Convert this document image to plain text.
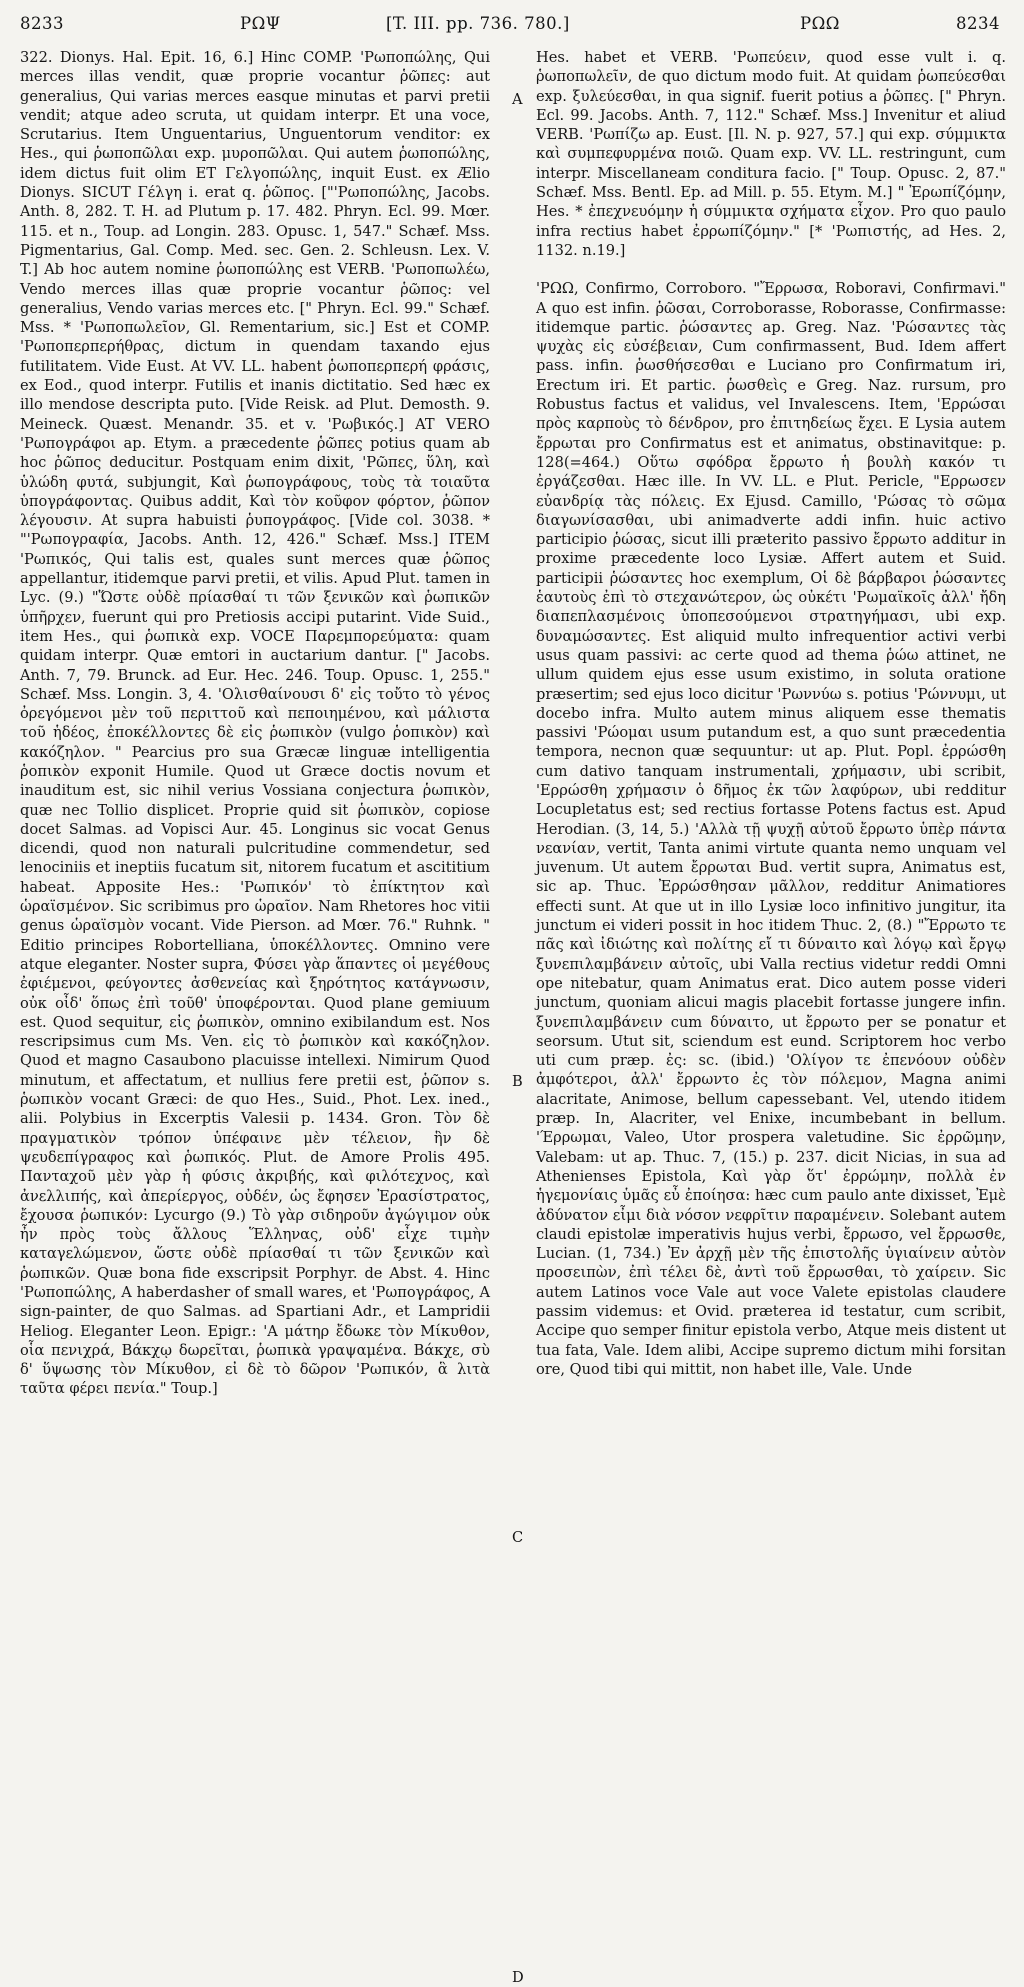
8233	ΡΩΨ	[T. III. pp. 736. 780.]	ΡΩΩ	8234

322. Dionys. Hal. Epit. 16, 6.] Hinc COMP. 'Ρωποπώλης, Qui merces illas vendit, quæ proprie vocantur ῥῶπες: aut generalius, Qui varias merces easque minutas et parvi pretii vendit; atque adeo scruta, ut quidam interpr. Et una voce, Scrutarius. Item Unguentarius, Unguentorum venditor: ex Hes., qui ῥωποπῶλαι exp. μυροπῶλαι. Qui autem ῥωποπώλης, idem dictus fuit olim ET Γελγοπώλης, inquit Eust. ex Ælio Dionys. SICUT Γέλγη i. erat q. ῥῶπος. ["'Ρωποπώλης, Jacobs. Anth. 8, 282. T. H. ad Plutum p. 17. 482. Phryn. Ecl. 99. Mœr. 115. et n., Toup. ad Longin. 283. Opusc. 1, 547." Schæf. Mss. Pigmentarius, Gal. Comp. Med. sec. Gen. 2. Schleusn. Lex. V. T.] Ab hoc autem nomine ῥωποπώλης est VERB. 'Ρωποπωλέω, Vendo merces illas quæ proprie vocantur ῥῶπος: vel generalius, Vendo varias merces etc. [" Phryn. Ecl. 99." Schæf. Mss. * 'Ρωποπωλεῖον, Gl. Rementarium, sic.] Est et COMP. 'Ρωποπερπερήθρας, dictum in quendam taxando ejus futilitatem. Vide Eust. At VV. LL. habent ῥωποπερπερή φράσις, ex Eod., quod interpr. Futilis et inanis dictitatio. Sed hæc ex illo mendose descripta puto. [Vide Reisk. ad Plut. Demosth. 9. Meineck. Quæst. Menandr. 35. et v. 'Ρωβικός.] AT VERO 'Ρωπογράφοι ap. Etym. a præcedente ῥῶπες potius quam ab hoc ῥῶπος deducitur. Postquam enim dixit, 'Ρῶπες, ὕλη, καὶ ὑλώδη φυτά, subjungit, Καὶ ῥωπογράφους, τοὺς τὰ τοιαῦτα ὑπογράφοντας. Quibus addit, Καὶ τὸν κοῦφον φόρτον, ῥῶπον λέγουσιν. At supra habuisti ῥυπογράφος. [Vide col. 3038. * "'Ρωπογραφία, Jacobs. Anth. 12, 426." Schæf. Mss.] ITEM 'Ρωπικός, Qui talis est, quales sunt merces quæ ῥῶπος appellantur, itidemque parvi pretii, et vilis. Apud Plut. tamen in Lyc. (9.) "Ὥστε οὐδὲ πρίασθαί τι τῶν ξενικῶν καὶ ῥωπικῶν ὑπῆρχεν, fuerunt qui pro Pretiosis accipi putarint. Vide Suid., item Hes., qui ῥωπικὰ exp. VOCE Παρεμπορεύματα: quam quidam interpr. Quæ emtori in auctarium dantur. [" Jacobs. Anth. 7, 79. Brunck. ad Eur. Hec. 246. Toup. Opusc. 1, 255." Schæf. Mss. Longin. 3, 4. 'Ολισθαίνουσι δ' εἰς τοὔτο τὸ γένος ὀρεγόμενοι μὲν τοῦ περιττοῦ καὶ πεποιημένου, καὶ μάλιστα τοῦ ἡδέος, ἐποκέλλοντες δὲ εἰς ῥωπικὸν (vulgo ῥοπικὸν) καὶ κακόζηλον. " Pearcius pro sua Græcæ linguæ intelligentia ῥοπικὸν exponit Humile. Quod ut Græce doctis novum et inauditum est, sic nihil verius Vossiana conjectura ῥωπικὸν, quæ nec Tollio displicet. Proprie quid sit ῥωπικὸν, copiose docet Salmas. ad Vopisci Aur. 45. Longinus sic vocat Genus dicendi, quod non naturali pulcritudine commendetur, sed lenociniis et ineptiis fucatum sit, nitorem fucatum et ascititium habeat. Apposite Hes.: 'Ρωπικόν' τὸ ἐπίκτητον καὶ ὡραϊσμένον. Sic scribimus pro ὡραῖον. Nam Rhetores hoc vitii genus ὡραϊσμὸν vocant. Vide Pierson. ad Mœr. 76." Ruhnk. " Editio principes Robortelliana, ὑποκέλλοντες. Omnino vere atque eleganter. Noster supra, Φύσει γὰρ ἅπαντες οἱ μεγέθους ἐφιέμενοι, φεύγοντες ἀσθενείας καὶ ξηρότητος κατάγνωσιν, οὐκ οἶδ' ὅπως ἐπὶ τοῦθ' ὑποφέρονται. Quod plane gemiuum est. Quod sequitur, εἰς ῥωπικὸν, omnino exibilandum est. Nos rescripsimus cum Ms. Ven. εἰς τὸ ῥωπικὸν καὶ κακόζηλον. Quod et magno Casaubono placuisse intellexi. Nimirum Quod minutum, et affectatum, et nullius fere pretii est, ῥῶπον s. ῥωπικὸν vocant Græci: de quo Hes., Suid., Phot. Lex. ined., alii. Polybius in Excerptis Valesii p. 1434. Gron. Τὸν δὲ πραγματικὸν τρόπον ὑπέφαινε μὲν τέλειον, ἣν δὲ ψευδεπίγραφος καὶ ῥωπικός. Plut. de Amore Prolis 495. Πανταχοῦ μὲν γὰρ ἡ φύσις ἀκριβής, καὶ φιλότεχνος, καὶ ἀνελλιπής, καὶ ἀπερίεργος, οὐδέν, ὡς ἔφησεν Ἐρασίστρατος, ἔχουσα ῥωπικόν: Lycurgo (9.) Τὸ γὰρ σιδηροῦν ἀγώγιμον οὐκ ἦν πρὸς τοὺς ἄλλους Ἕλληνας, οὐδ' εἶχε τιμὴν καταγελώμενον, ὥστε οὐδὲ πρίασθαί τι τῶν ξενικῶν καὶ ῥωπικῶν. Quæ bona fide exscripsit Porphyr. de Abst. 4. Hinc 'Ρωποπώλης, A haberdasher of small wares, et 'Ρωπογράφος, A sign-painter, de quo Salmas. ad Spartiani Adr., et Lampridii Heliog. Eleganter Leon. Epigr.: 'Α μάτηρ ἔδωκε τὸν Μίκυθον, οἷα πενιχρά, Βάκχῳ δωρεῖται, ῥωπικὰ γραψαμένα. Βάκχε, σὺ δ' ὕψωσης τὸν Μίκυθον, εἰ δὲ τὸ δῶρον 'Ρωπικόν, ἃ λιτὰ ταῦτα φέρει πενία." Toup.]

A
B
C
D

Hes. habet et VERB. 'Ρωπεύειν, quod esse vult i. q. ῥωποπωλεῖν, de quo dictum modo fuit. At quidam ῥωπεύεσθαι exp. ξυλεύεσθαι, in qua signif. fuerit potius a ῥῶπες. [" Phryn. Ecl. 99. Jacobs. Anth. 7, 112." Schæf. Mss.] Invenitur et aliud VERB. 'Ρωπίζω ap. Eust. [Il. N. p. 927, 57.] qui exp. σύμμικτα καὶ συμπεφυρμένα ποιῶ. Quam exp. VV. LL. restringunt, cum interpr. Miscellaneam conditura facio. [" Toup. Opusc. 2, 87." Schæf. Mss. Bentl. Ep. ad Mill. p. 55. Etym. M.] " Ἐρωπίζόμην, Hes. * ἐπεχνευόμην ἡ σύμμικτα σχήματα εἶχον. Pro quo paulo infra rectius habet ἐρρωπίζόμην." [* 'Ρωπιστής, ad Hes. 2, 1132. n.19.]

'ΡΩΩ, Confirmo, Corroboro. "Ἔρρωσα, Roboravi, Confirmavi." A quo est infin. ῥῶσαι, Corroborasse, Roborasse, Confirmasse: itidemque partic. ῥώσαντες ap. Greg. Naz. 'Ρώσαντες τὰς ψυχὰς εἰς εὐσέβειαν, Cum confirmassent, Bud. Idem affert pass. infin. ῥωσθήσεσθαι e Luciano pro Confirmatum iri, Erectum iri. Et partic. ῥωσθεὶς e Greg. Naz. rursum, pro Robustus factus et validus, vel Invalescens. Item, 'Ερρώσαι πρὸς καρποὺς τὸ δένδρον, pro ἐπιτηδείως ἔχει. E Lysia autem ἔρρωται pro Confirmatus est et animatus, obstinavitque: p. 128(=464.) Οὕτω σφόδρα ἔρρωτο ἡ βουλὴ κακόν τι ἐργάζεσθαι. Hæc ille. In VV. LL. e Plut. Pericle, "Ερρωσεν εὐανδρίᾳ τὰς πόλεις. Ex Ejusd. Camillo, 'Ρώσας τὸ σῶμα διαγωνίσασθαι, ubi animadverte addi infin. huic activo participio ῥώσας, sicut illi præterito passivo ἔρρωτο additur in proxime præcedente loco Lysiæ. Affert autem et Suid. participii ῥώσαντες hoc exemplum, Οἱ δὲ βάρβαροι ῥώσαντες ἑαυτοὺς ἐπὶ τὸ στεχανώτερον, ὡς οὐκέτι 'Ρωμαϊκοῖς ἀλλ' ἤδη διαπεπλασμένοις ὑποπεσούμενοι στρατηγήμασι, ubi exp. δυναμώσαντες. Est aliquid multo infrequentior activi verbi usus quam passivi: ac certe quod ad thema ῥώω attinet, ne ullum quidem ejus esse usum existimo, in soluta oratione præsertim; sed ejus loco dicitur 'Ρωννύω s. potius 'Ρώννυμι, ut docebo infra. Multo autem minus aliquem esse thematis passivi 'Ρώομαι usum putandum est, a quo sunt præcedentia tempora, necnon quæ sequuntur: ut ap. Plut. Popl. ἐρρώσθη cum dativo tanquam instrumentali, χρήμασιν, ubi scribit, 'Ερρώσθη χρήμασιν ὁ δῆμος ἐκ τῶν λαφύρων, ubi redditur Locupletatus est; sed rectius fortasse Potens factus est. Apud Herodian. (3, 14, 5.) 'Αλλὰ τῇ ψυχῇ αὐτοῦ ἔρρωτο ὑπὲρ πάντα νεανίαν, vertit, Tanta animi virtute quanta nemo unquam vel juvenum. Ut autem ἔρρωται Bud. vertit supra, Animatus est, sic ap. Thuc. Ἐρρώσθησαν μᾶλλον, redditur Animatiores effecti sunt. At que ut in illo Lysiæ loco infinitivo jungitur, ita junctum ei videri possit in hoc itidem Thuc. 2, (8.) "Ἔρρωτο τε πᾶς καὶ ἰδιώτης καὶ πολίτης εἴ τι δύναιτο καὶ λόγῳ καὶ ἔργῳ ξυνεπιλαμβάνειν αὐτοῖς, ubi Valla rectius videtur reddi Omni ope nitebatur, quam Animatus erat. Dico autem posse videri junctum, quoniam alicui magis placebit fortasse jungere infin. ξυνεπιλαμβάνειν cum δύναιτο, ut ἔρρωτο per se ponatur et seorsum. Utut sit, sciendum est eund. Scriptorem hoc verbo uti cum præp. ἐς: sc. (ibid.) 'Ολίγον τε ἐπενόουν οὐδὲν ἀμφότεροι, ἀλλ' ἔρρωντο ἐς τὸν πόλεμον, Magna animi alacritate, Animose, bellum capessebant. Vel, utendo itidem præp. In, Alacriter, vel Enixe, incumbebant in bellum. 'Έρρωμαι, Valeo, Utor prospera valetudine. Sic ἐρρῶμην, Valebam: ut ap. Thuc. 7, (15.) p. 237. dicit Nicias, in sua ad Athenienses Epistola, Καὶ γὰρ ὅτ' ἐρρώμην, πολλὰ ἐν ἡγεμονίαις ὑμᾶς εὖ ἐποίησα: hæc cum paulo ante dixisset, Ἐμὲ ἀδύνατον εἶμι διὰ νόσον νεφρῖτιν παραμένειν. Solebant autem claudi epistolæ imperativis hujus verbi, ἔρρωσο, vel ἔρρωσθε, Lucian. (1, 734.) Ἐν ἀρχῇ μὲν τῆς ἐπιστολῆς ὑγιαίνειν αὐτὸν προσειπὼν, ἐπὶ τέλει δὲ, ἀντὶ τοῦ ἔρρωσθαι, τὸ χαίρειν. Sic autem Latinos voce Vale aut voce Valete epistolas claudere passim videmus: et Ovid. præterea id testatur, cum scribit, Accipe quo semper finitur epistola verbo, Atque meis distent ut tua fata, Vale. Idem alibi, Accipe supremo dictum mihi forsitan ore, Quod tibi qui mittit, non habet ille, Vale. Unde
